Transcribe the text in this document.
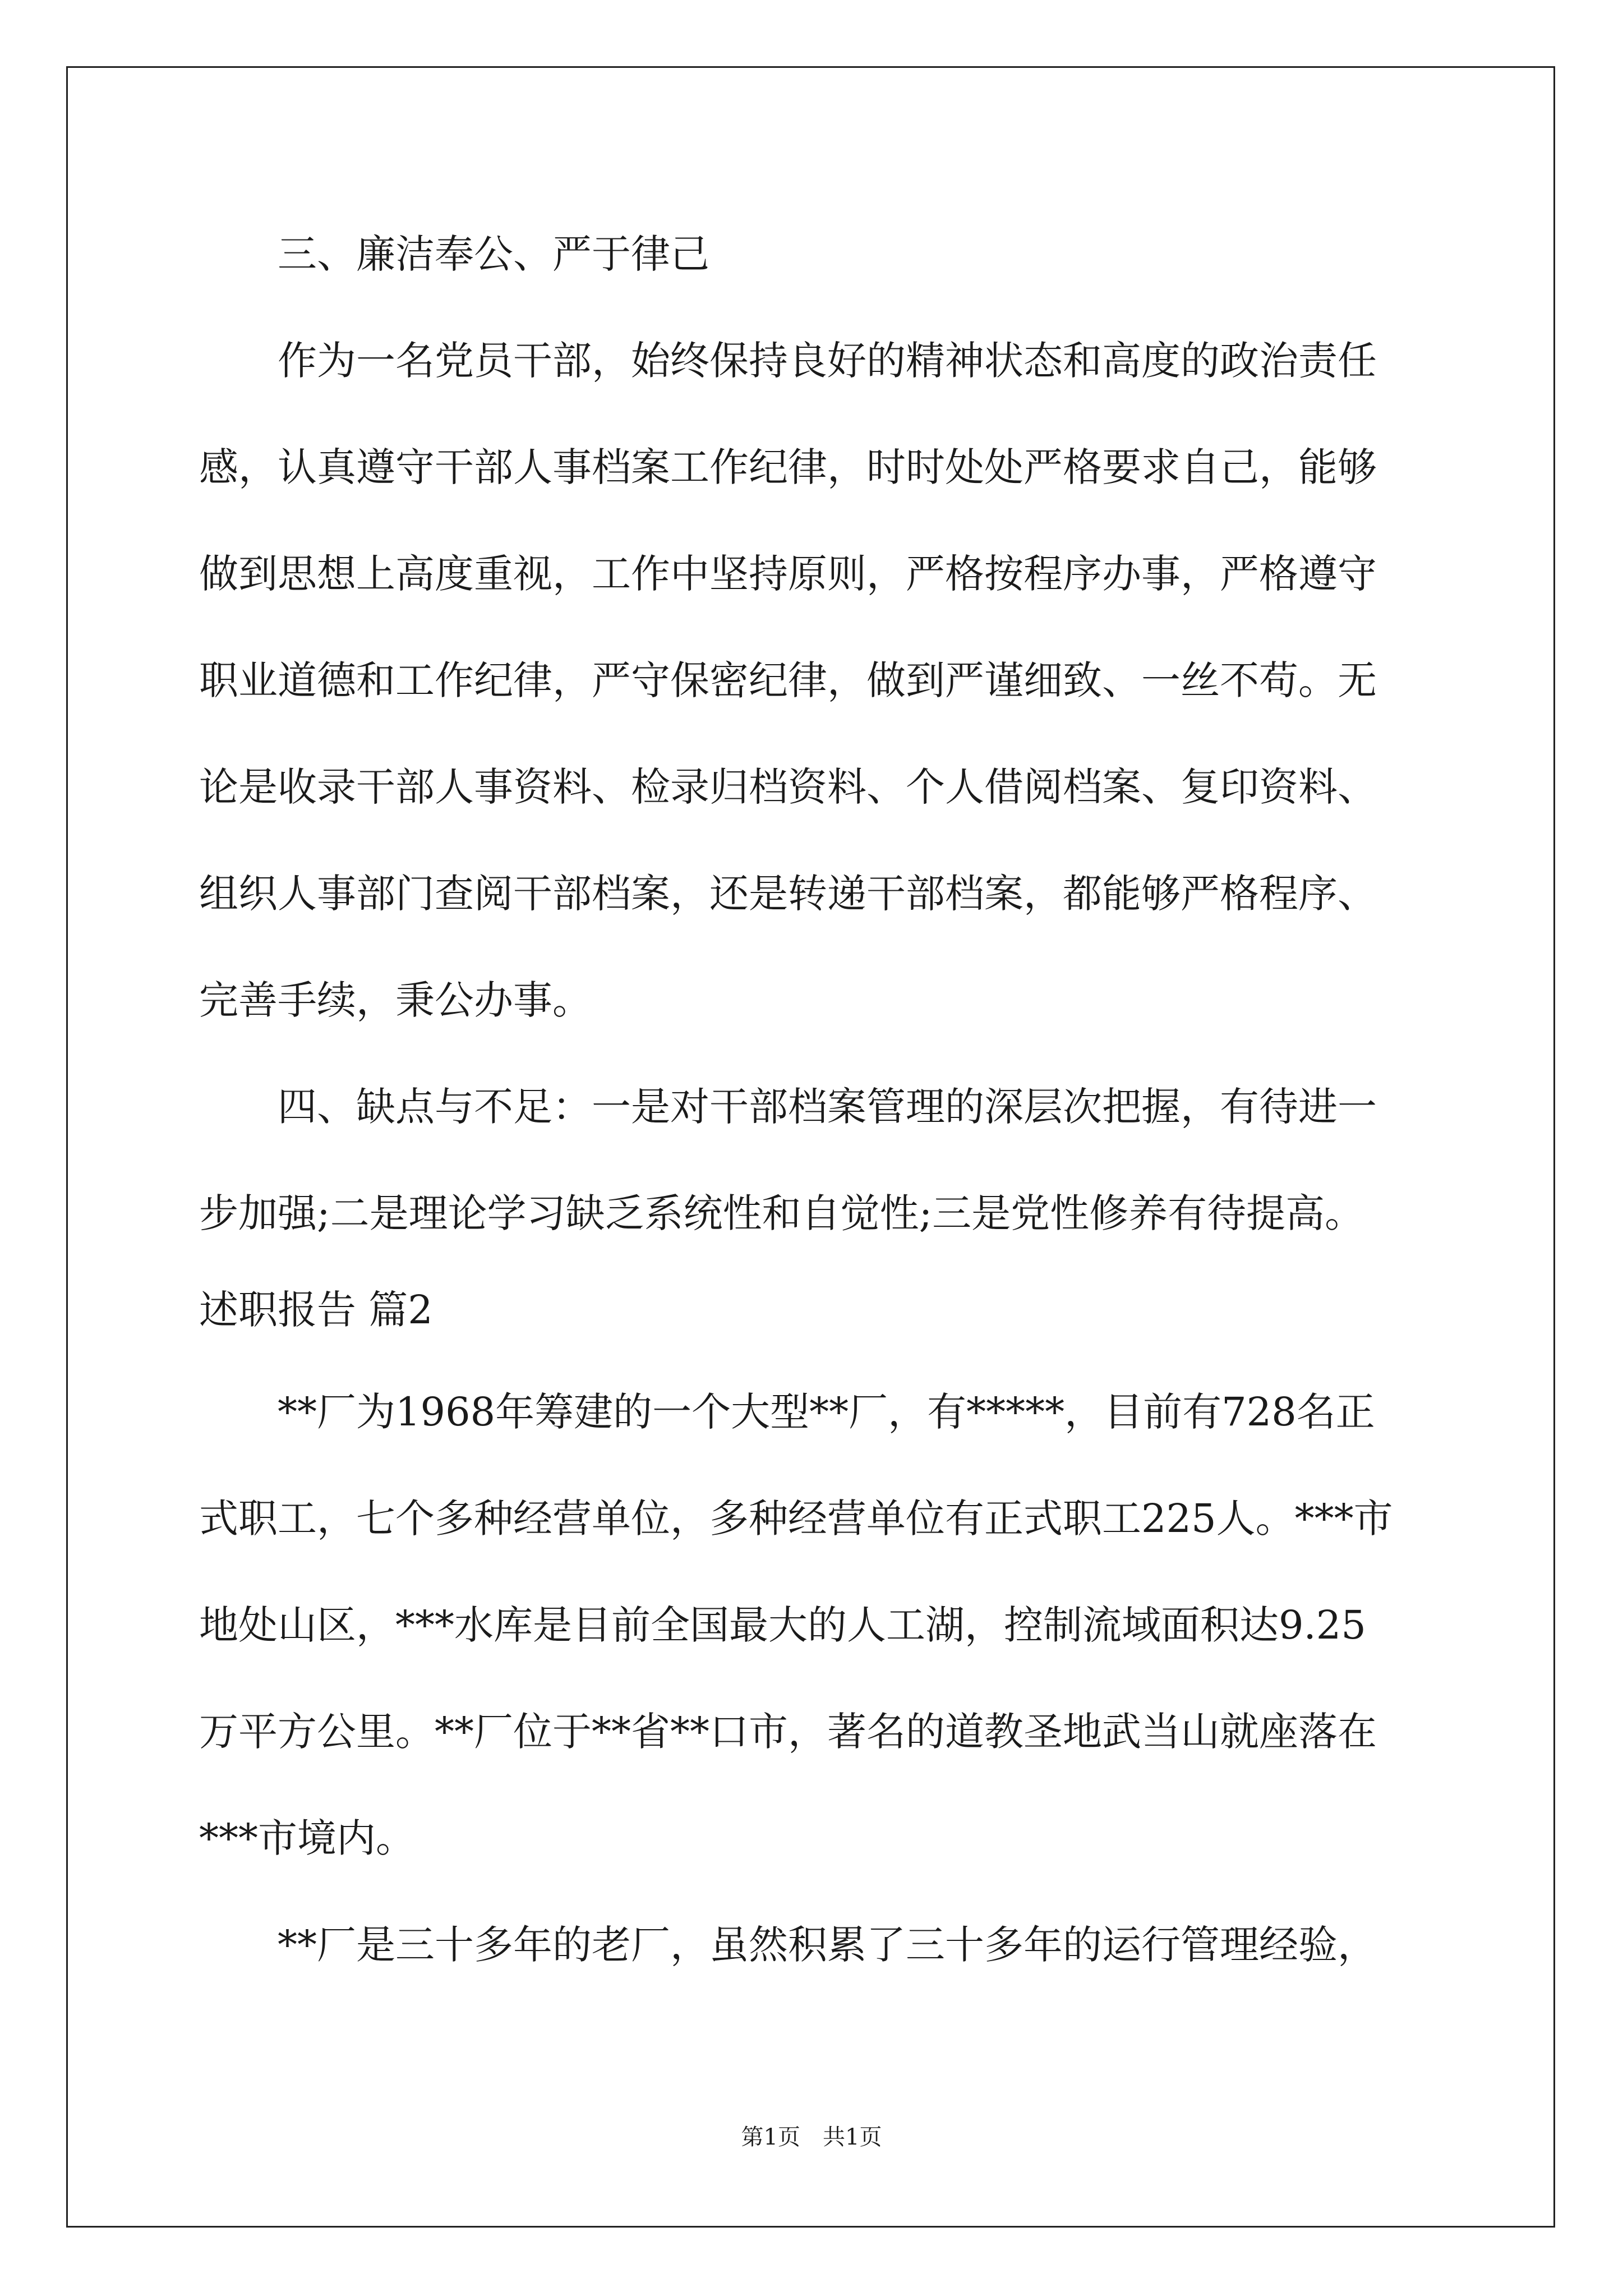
　　三、廉洁奉公、严于律己
　　作为一名党员干部，始终保持良好的精神状态和高度的政治责任
感，认真遵守干部人事档案工作纪律，时时处处严格要求自己，能够
做到思想上高度重视，工作中坚持原则，严格按程序办事，严格遵守
职业道德和工作纪律，严守保密纪律，做到严谨细致、一丝不苟。无
论是收录干部人事资料、检录归档资料、个人借阅档案、复印资料、
组织人事部门查阅干部档案，还是转递干部档案，都能够严格程序、
完善手续，秉公办事。
　　四、缺点与不足：一是对干部档案管理的深层次把握，有待进一
步加强;二是理论学习缺乏系统性和自觉性;三是党性修养有待提高。
述职报告 篇2
　　**厂为1968年筹建的一个大型**厂，有*****，目前有728名正
式职工，七个多种经营单位，多种经营单位有正式职工225人。***市
地处山区，***水库是目前全国最大的人工湖，控制流域面积达9.25
万平方公里。**厂位于**省**口市，著名的道教圣地武当山就座落在
***市境内。
　　**厂是三十多年的老厂，虽然积累了三十多年的运行管理经验，
第1页　共1页
